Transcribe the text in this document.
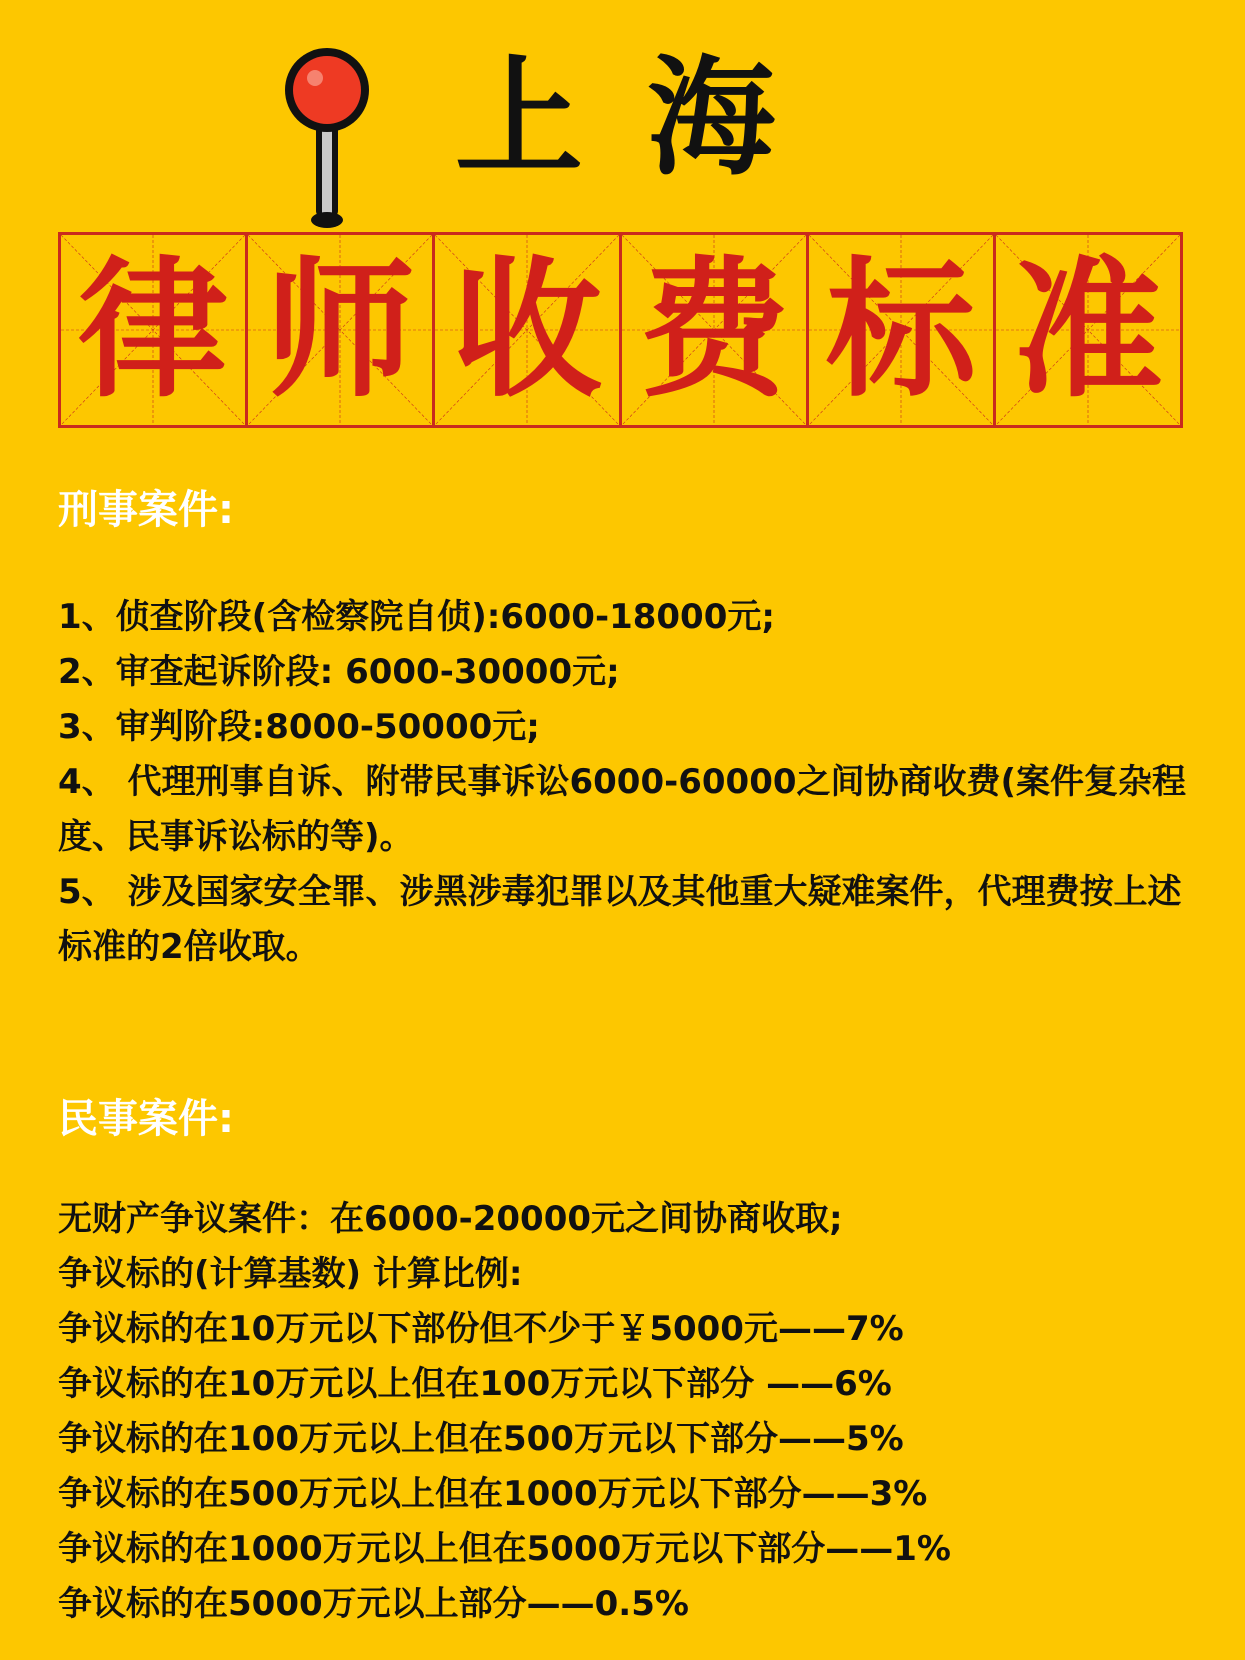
上海
律 师 收 费 标 准
刑事案件:
1、侦查阶段(含检察院自侦):6000-18000元;
2、审查起诉阶段: 6000-30000元;
3、审判阶段:8000-50000元;
4、 代理刑事自诉、附带民事诉讼6000-60000之间协商收费(案件复杂程度、民事诉讼标的等)。
5、 涉及国家安全罪、涉黑涉毒犯罪以及其他重大疑难案件，代理费按上述标准的2倍收取。
民事案件:
无财产争议案件：在6000-20000元之间协商收取;
争议标的(计算基数) 计算比例:
争议标的在10万元以下部份但不少于￥5000元——7%
争议标的在10万元以上但在100万元以下部分 ——6%
争议标的在100万元以上但在500万元以下部分——5%
争议标的在500万元以上但在1000万元以下部分——3%
争议标的在1000万元以上但在5000万元以下部分——1%
争议标的在5000万元以上部分——0.5%
